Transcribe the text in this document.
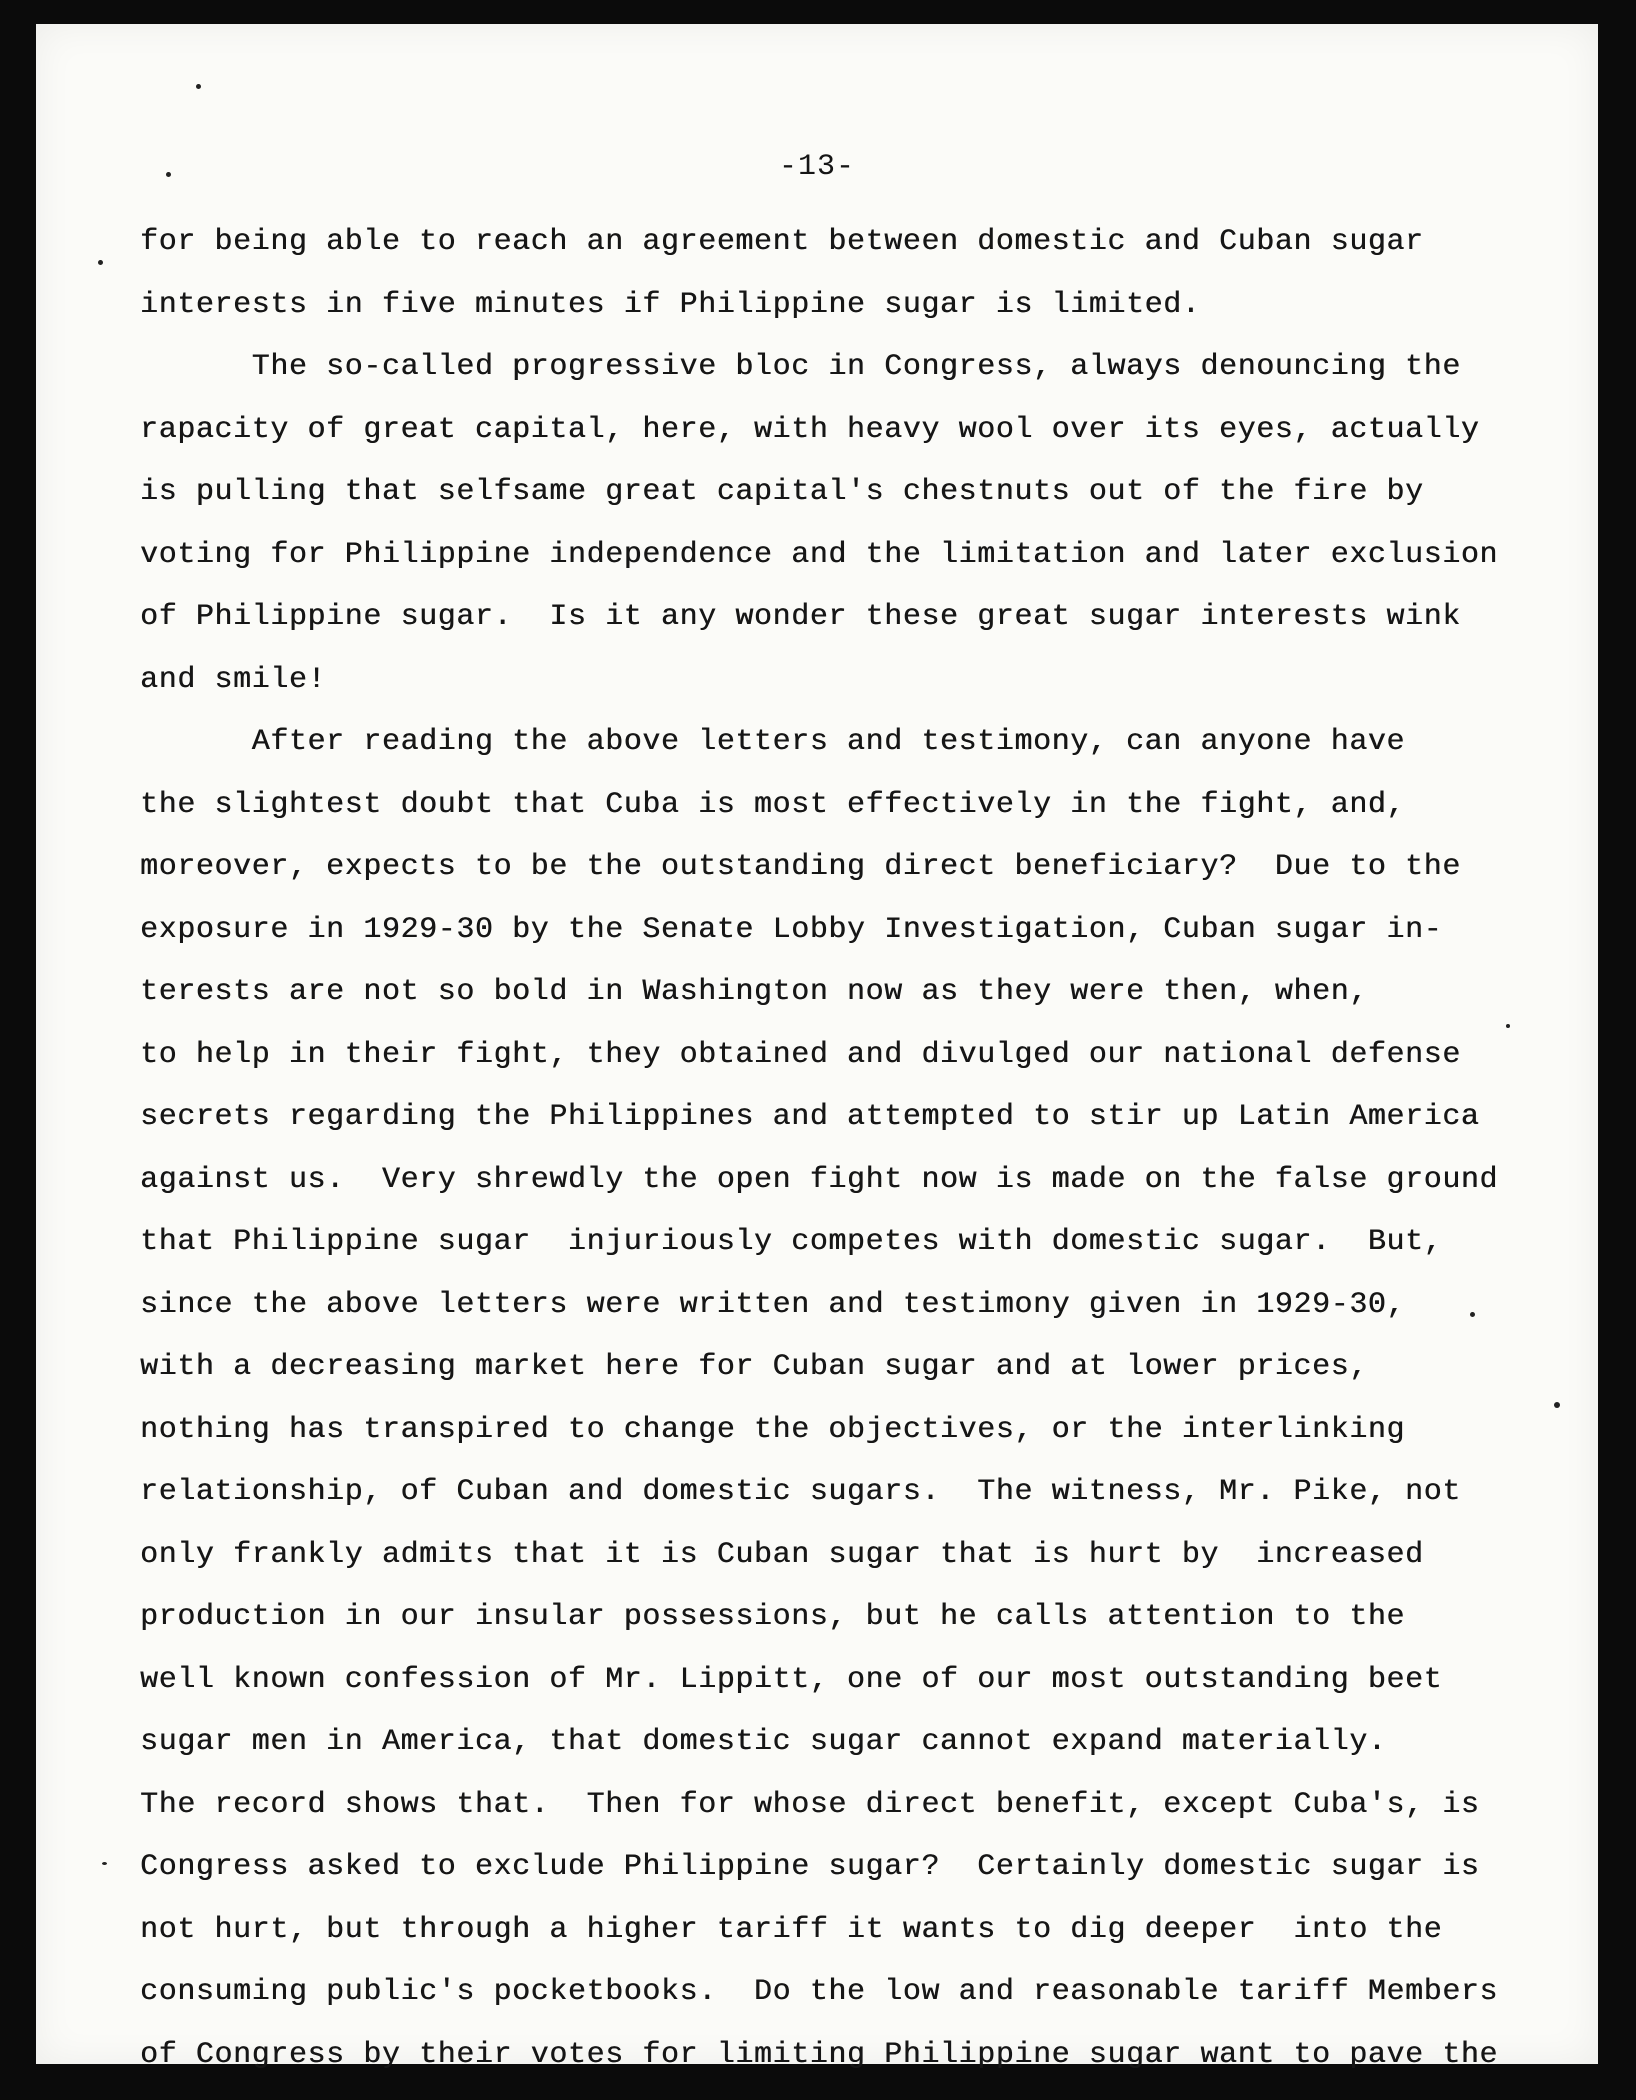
-13-
for being able to reach an agreement between domestic and Cuban sugar
interests in five minutes if Philippine sugar is limited.
The so-called progressive bloc in Congress, always denouncing the
rapacity of great capital, here, with heavy wool over its eyes, actually
is pulling that selfsame great capital's chestnuts out of the fire by
voting for Philippine independence and the limitation and later exclusion
of Philippine sugar.  Is it any wonder these great sugar interests wink
and smile!
After reading the above letters and testimony, can anyone have
the slightest doubt that Cuba is most effectively in the fight, and,
moreover, expects to be the outstanding direct beneficiary?  Due to the
exposure in 1929-30 by the Senate Lobby Investigation, Cuban sugar in-
terests are not so bold in Washington now as they were then, when,
to help in their fight, they obtained and divulged our national defense
secrets regarding the Philippines and attempted to stir up Latin America
against us.  Very shrewdly the open fight now is made on the false ground
that Philippine sugar  injuriously competes with domestic sugar.  But,
since the above letters were written and testimony given in 1929-30,
with a decreasing market here for Cuban sugar and at lower prices,
nothing has transpired to change the objectives, or the interlinking
relationship, of Cuban and domestic sugars.  The witness, Mr. Pike, not
only frankly admits that it is Cuban sugar that is hurt by  increased
production in our insular possessions, but he calls attention to the
well known confession of Mr. Lippitt, one of our most outstanding beet
sugar men in America, that domestic sugar cannot expand materially.
The record shows that.  Then for whose direct benefit, except Cuba's, is
Congress asked to exclude Philippine sugar?  Certainly domestic sugar is
not hurt, but through a higher tariff it wants to dig deeper  into the
consuming public's pocketbooks.  Do the low and reasonable tariff Members
of Congress by their votes for limiting Philippine sugar want to pave the
